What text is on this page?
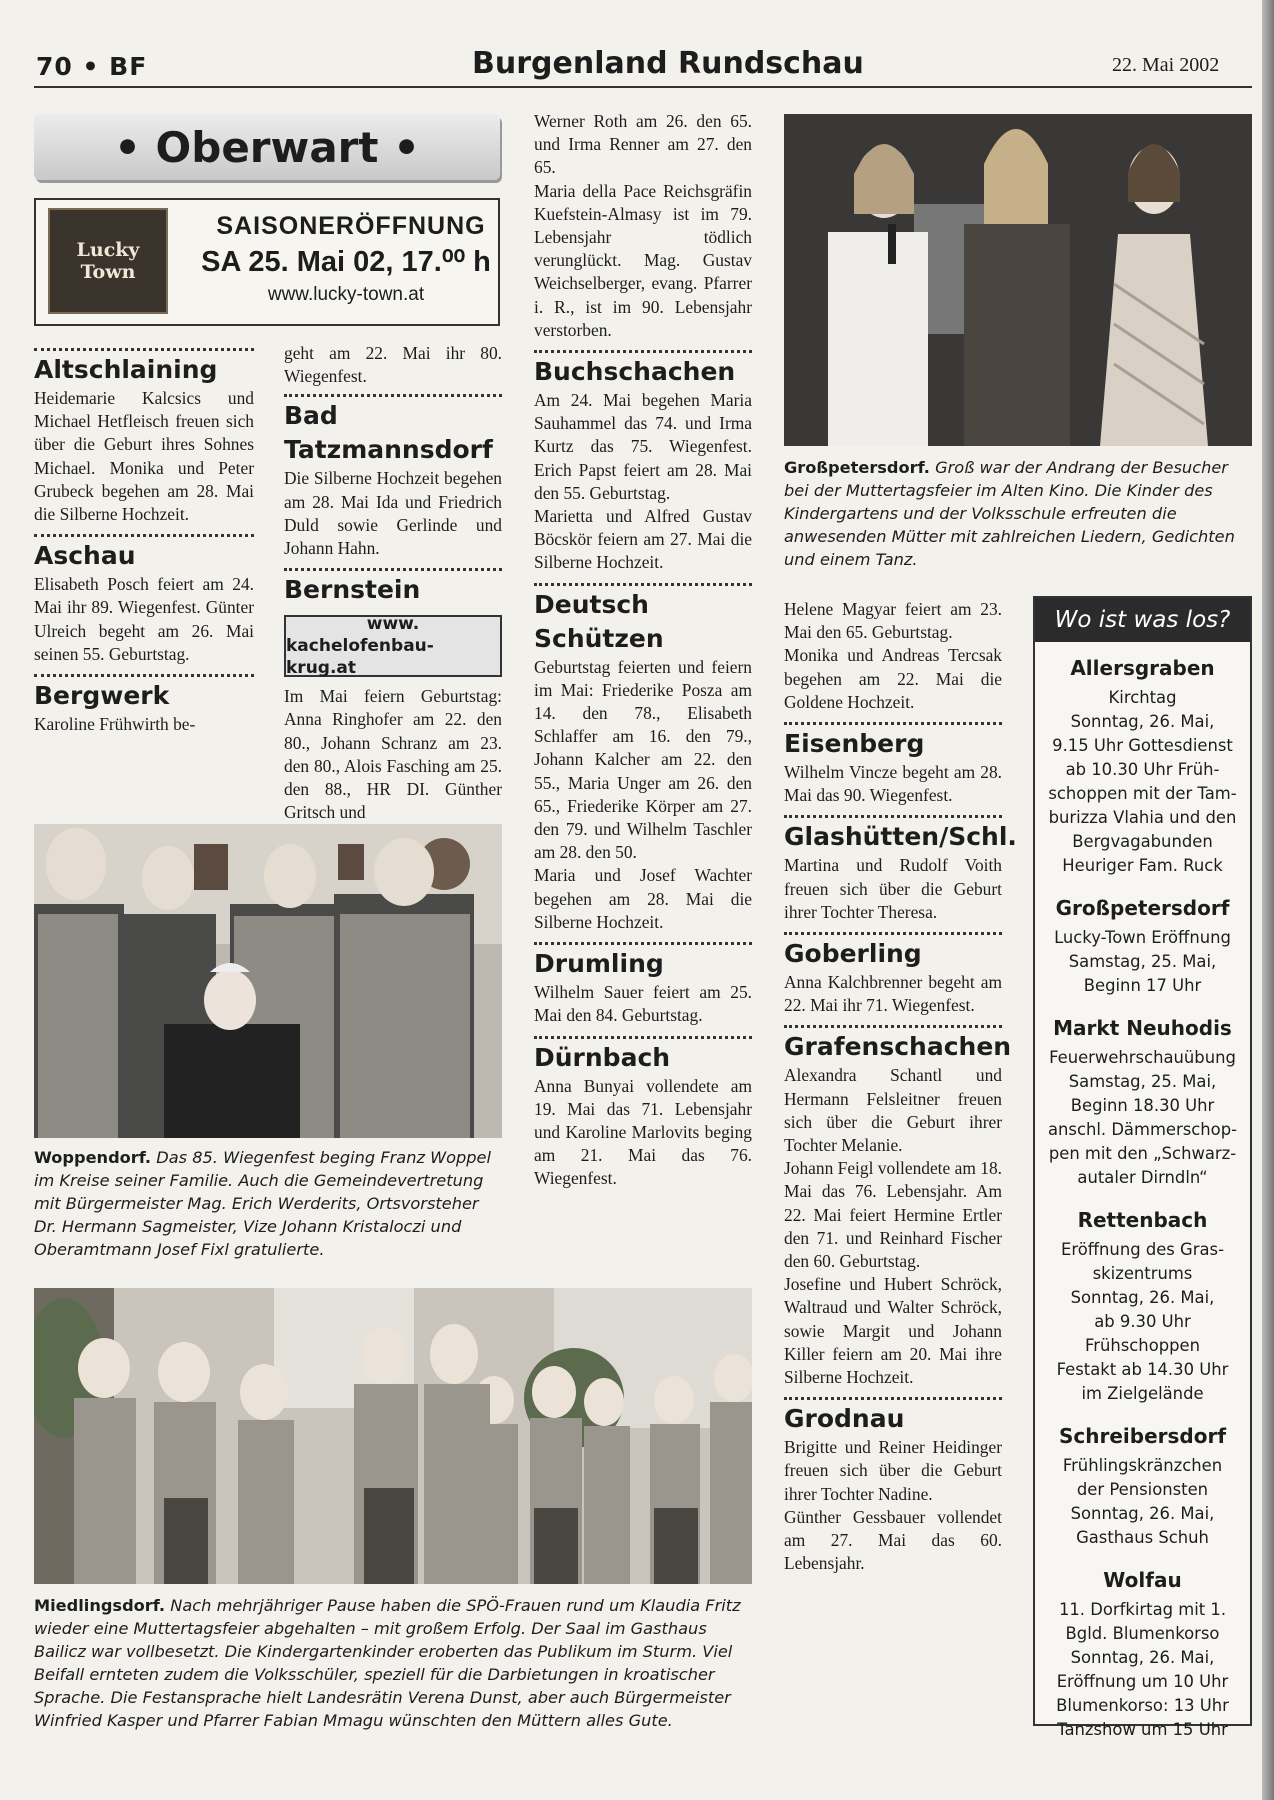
70 • BF	Burgenland Rundschau	22. Mai 2002
• Oberwart •
Lucky
Town
SAISONERÖFFNUNG
SA 25. Mai 02, 17.⁰⁰ h
www.lucky-town.at

Altschlaining

Heidemarie Kalcsics und Michael Hetfleisch freuen sich über die Geburt ihres Sohnes Michael. Monika und Peter Grubeck begehen am 28. Mai die Silberne Hochzeit.

Aschau

Elisabeth Posch feiert am 24. Mai ihr 89. Wiegenfest. Günter Ulreich begeht am 26. Mai seinen 55. Geburtstag.

Bergwerk

Karoline Frühwirth be-

geht am 22. Mai ihr 80. Wiegenfest.

Bad Tatzmannsdorf

Die Silberne Hochzeit begehen am 28. Mai Ida und Friedrich Duld sowie Gerlinde und Johann Hahn.

Bernstein

www.
kachelofenbau-krug.at

Im Mai feiern Geburtstag: Anna Ringhofer am 22. den 80., Johann Schranz am 23. den 80., Alois Fasching am 25. den 88., HR DI. Günther Gritsch und

Woppendorf. Das 85. Wiegenfest beging Franz Woppel im Kreise seiner Familie. Auch die Gemeindevertretung mit Bürgermeister Mag. Erich Werderits, Ortsvorsteher Dr. Hermann Sagmeister, Vize Johann Kristaloczi und Oberamtmann Josef Fixl gratulierte.

Werner Roth am 26. den 65. und Irma Renner am 27. den 65.

Maria della Pace Reichsgräfin Kuefstein-Almasy ist im 79. Lebensjahr tödlich verunglückt. Mag. Gustav Weichselberger, evang. Pfarrer i. R., ist im 90. Lebensjahr verstorben.

Buchschachen

Am 24. Mai begehen Maria Sauhammel das 74. und Irma Kurtz das 75. Wiegenfest. Erich Papst feiert am 28. Mai den 55. Geburtstag.

Marietta und Alfred Gustav Böcskör feiern am 27. Mai die Silberne Hochzeit.

Deutsch Schützen

Geburtstag feierten und feiern im Mai: Friederike Posza am 14. den 78., Elisabeth Schlaffer am 16. den 79., Johann Kalcher am 22. den 55., Maria Unger am 26. den 65., Friederike Körper am 27. den 79. und Wilhelm Taschler am 28. den 50.

Maria und Josef Wachter begehen am 28. Mai die Silberne Hochzeit.

Drumling

Wilhelm Sauer feiert am 25. Mai den 84. Geburtstag.

Dürnbach

Anna Bunyai vollendete am 19. Mai das 71. Lebensjahr und Karoline Marlovits beging am 21. Mai das 76. Wiegenfest.

Großpetersdorf. Groß war der Andrang der Besucher bei der Muttertagsfeier im Alten Kino. Die Kinder des Kindergartens und der Volksschule erfreuten die anwesenden Mütter mit zahlreichen Liedern, Gedichten und einem Tanz.

Helene Magyar feiert am 23. Mai den 65. Geburtstag.

Monika und Andreas Tercsak begehen am 22. Mai die Goldene Hochzeit.

Eisenberg

Wilhelm Vincze begeht am 28. Mai das 90. Wiegenfest.

Glashütten/Schl.

Martina und Rudolf Voith freuen sich über die Geburt ihrer Tochter Theresa.

Goberling

Anna Kalchbrenner begeht am 22. Mai ihr 71. Wiegenfest.

Grafenschachen

Alexandra Schantl und Hermann Felsleitner freuen sich über die Geburt ihrer Tochter Melanie.

Johann Feigl vollendete am 18. Mai das 76. Lebensjahr. Am 22. Mai feiert Hermine Ertler den 71. und Reinhard Fischer den 60. Geburtstag.

Josefine und Hubert Schröck, Waltraud und Walter Schröck, sowie Margit und Johann Killer feiern am 20. Mai ihre Silberne Hochzeit.

Grodnau

Brigitte und Reiner Heidinger freuen sich über die Geburt ihrer Tochter Nadine.

Günther Gessbauer vollendet am 27. Mai das 60. Lebensjahr.

Miedlingsdorf. Nach mehrjähriger Pause haben die SPÖ-Frauen rund um Klaudia Fritz wieder eine Muttertagsfeier abgehalten – mit großem Erfolg. Der Saal im Gasthaus Bailicz war vollbesetzt. Die Kindergartenkinder eroberten das Publikum im Sturm. Viel Beifall ernteten zudem die Volksschüler, speziell für die Darbietungen in kroatischer Sprache. Die Festansprache hielt Landesrätin Verena Dunst, aber auch Bürgermeister Winfried Kasper und Pfarrer Fabian Mmagu wünschten den Müttern alles Gute.
Wo ist was los?
Allersgraben
Kirchtag
Sonntag, 26. Mai,
9.15 Uhr Gottesdienst
ab 10.30 Uhr Früh-
schoppen mit der Tam-
burizza Vlahia und den
Bergvagabunden
Heuriger Fam. Ruck
Großpetersdorf
Lucky-Town Eröffnung
Samstag, 25. Mai,
Beginn 17 Uhr
Markt Neuhodis
Feuerwehrschauübung
Samstag, 25. Mai,
Beginn 18.30 Uhr
anschl. Dämmerschop-
pen mit den „Schwarz-
autaler Dirndln“
Rettenbach
Eröffnung des Gras-
skizentrums
Sonntag, 26. Mai,
ab 9.30 Uhr
Frühschoppen
Festakt ab 14.30 Uhr
im Zielgelände
Schreibersdorf
Frühlingskränzchen
der Pensionsten
Sonntag, 26. Mai,
Gasthaus Schuh
Wolfau
11. Dorfkirtag mit 1.
Bgld. Blumenkorso
Sonntag, 26. Mai,
Eröffnung um 10 Uhr
Blumenkorso: 13 Uhr
Tanzshow um 15 Uhr
